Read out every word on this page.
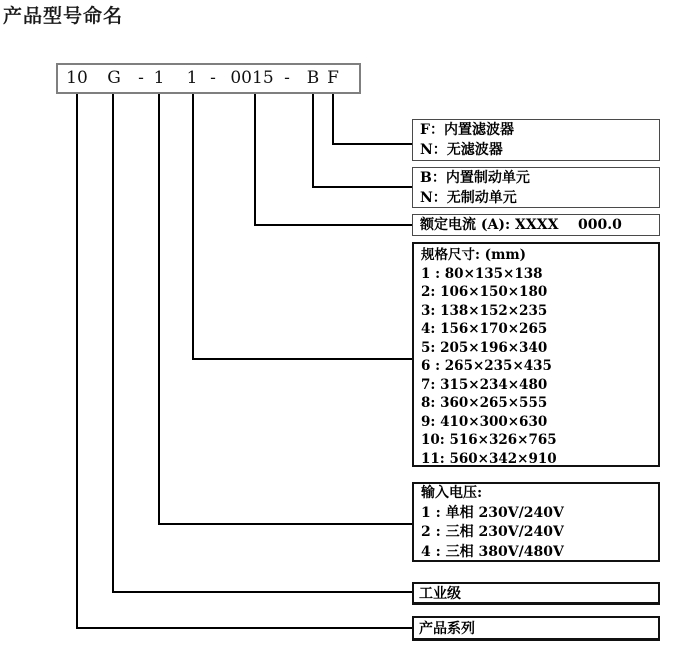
产品型号命名
10 G - 1 1 - 0015 - B F
F：内置滤波器
N：无滤波器
B：内置制动单元
N：无制动单元
额定电流 (A): XXXX    000.0
规格尺寸: (mm)
1 : 80×135×138
2: 106×150×180
3: 138×152×235
4: 156×170×265
5: 205×196×340
6 : 265×235×435
7: 315×234×480
8: 360×265×555
9: 410×300×630
10: 516×326×765
11: 560×342×910
输入电压:
1 : 单相 230V/240V
2 : 三相 230V/240V
4 : 三相 380V/480V
工业级
产品系列
